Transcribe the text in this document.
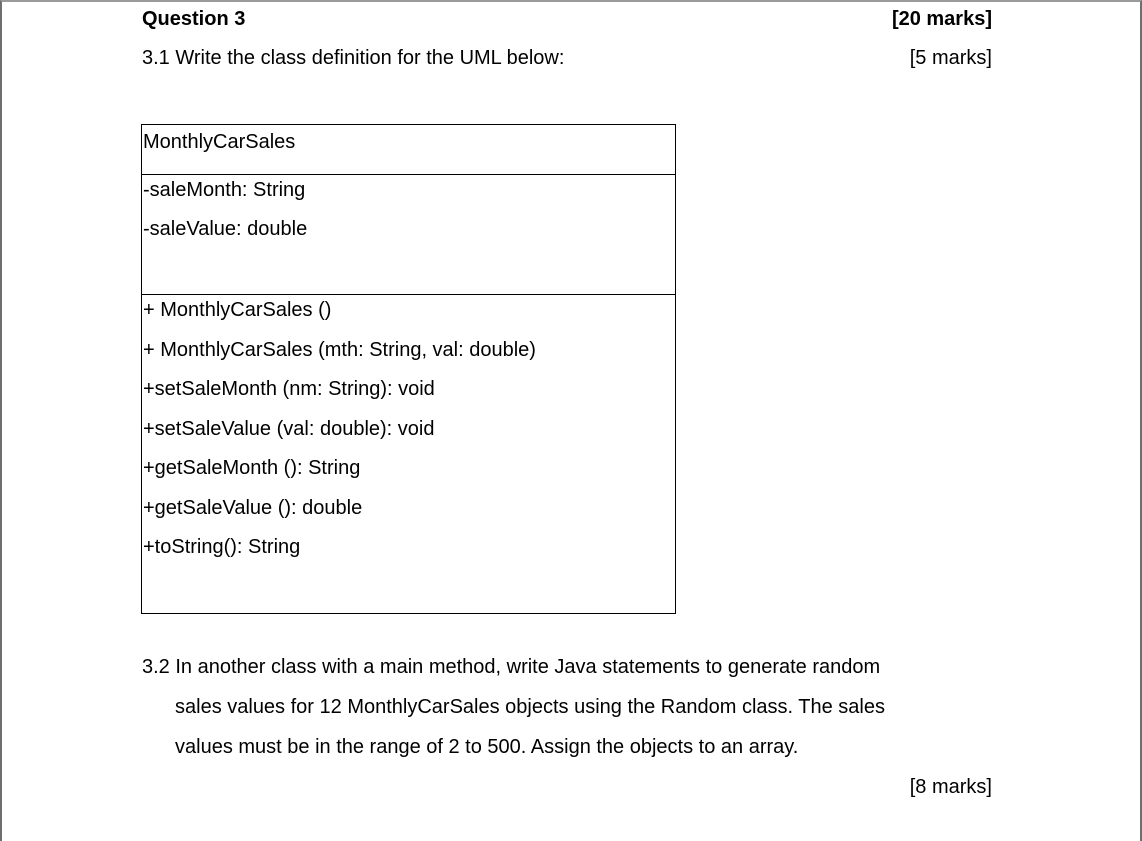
Question 3	[20 marks]
3.1 Write the class definition for the UML below:	[5 marks]
MonthlyCarSales
-saleMonth: String
-saleValue: double
+ MonthlyCarSales ()
+ MonthlyCarSales (mth: String, val: double)
+setSaleMonth (nm: String): void
+setSaleValue (val: double): void
+getSaleMonth (): String
+getSaleValue (): double
+toString(): String
3.2 In another class with a main method, write Java statements to generate random
sales values for 12 MonthlyCarSales objects using the Random class. The sales
values must be in the range of 2 to 500. Assign the objects to an array.
[8 marks]
